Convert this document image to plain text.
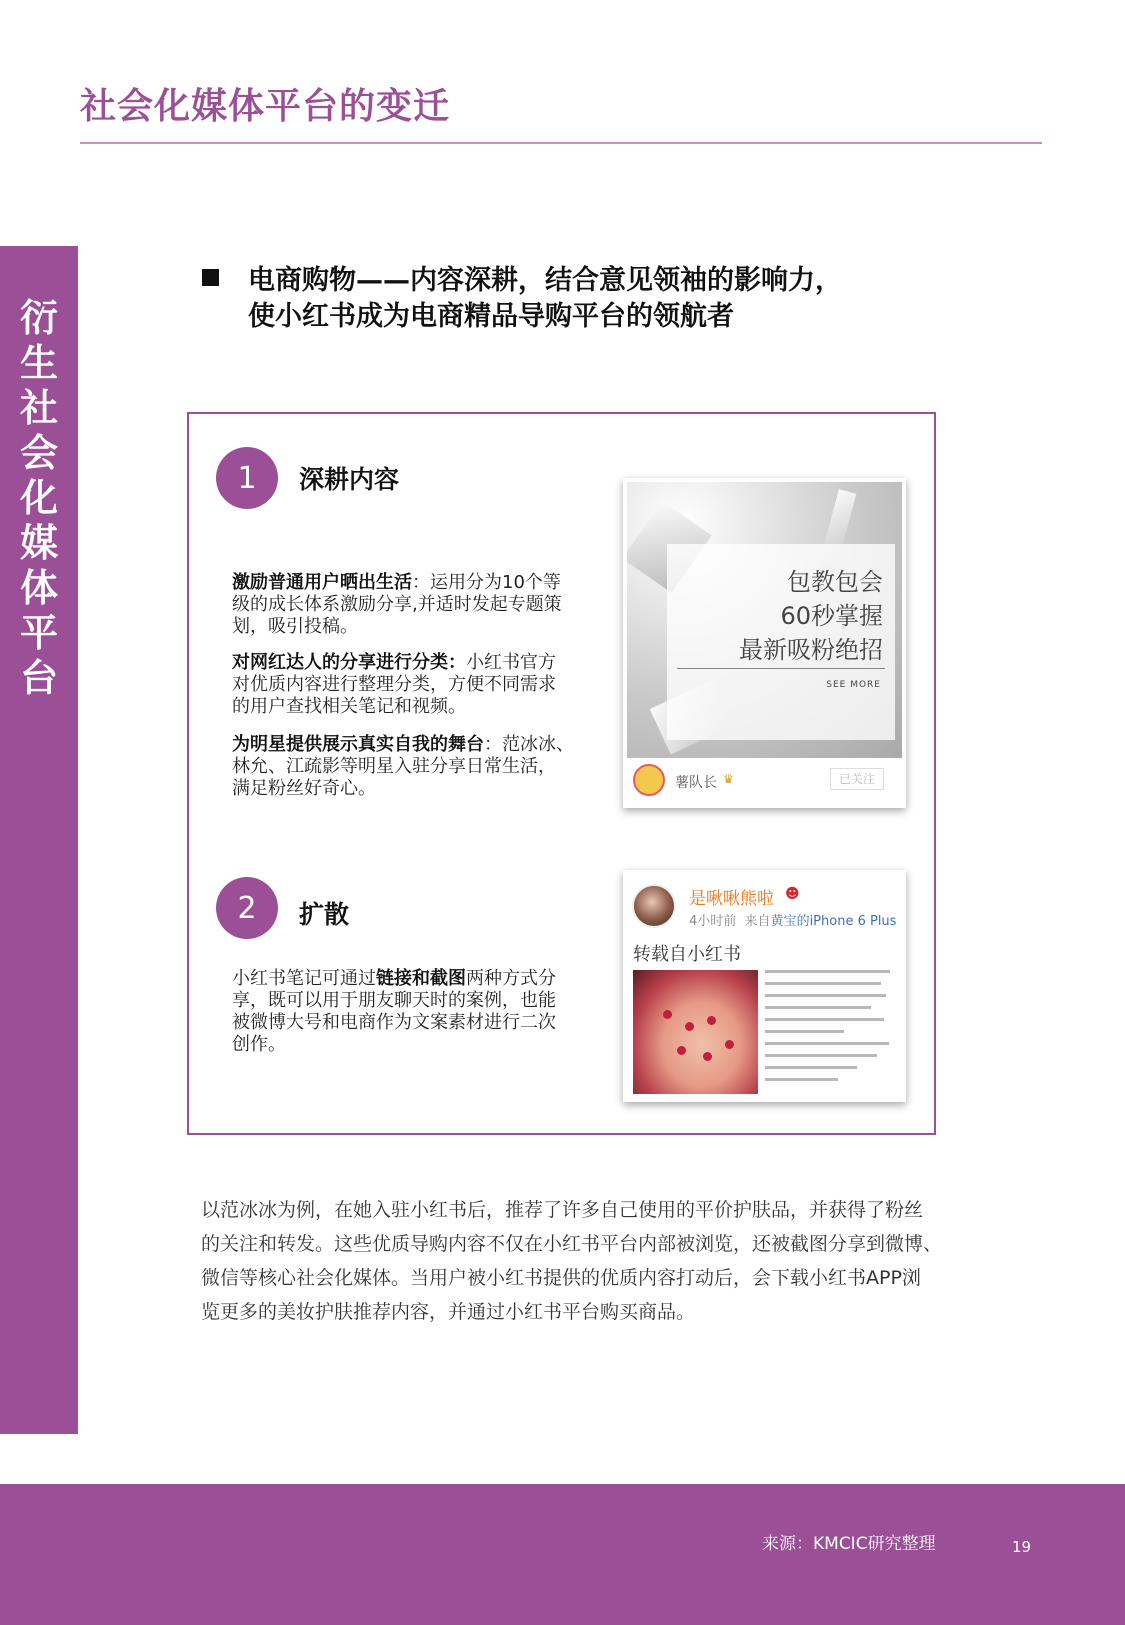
社会化媒体平台的变迁
衍
生
社
会
化
媒
体
平
台
电商购物——内容深耕，结合意见领袖的影响力，
使小红书成为电商精品导购平台的领航者
1	深耕内容
激励普通用户晒出生活：运用分为10个等
级的成长体系激励分享,并适时发起专题策
划，吸引投稿。
对网红达人的分享进行分类：小红书官方
对优质内容进行整理分类，方便不同需求
的用户查找相关笔记和视频。
为明星提供展示真实自我的舞台：范冰冰、
林允、江疏影等明星入驻分享日常生活，
满足粉丝好奇心。
包教包会
60秒掌握
最新吸粉绝招
SEE MORE
薯队长 ♛	已关注
2	扩散
小红书笔记可通过链接和截图两种方式分
享，既可以用于朋友聊天时的案例，也能
被微博大号和电商作为文案素材进行二次
创作。
是啾啾熊啦 ☻
4小时前 来自黄宝的iPhone 6 Plus
转载自小红书
以范冰冰为例，在她入驻小红书后，推荐了许多自己使用的平价护肤品，并获得了粉丝
的关注和转发。这些优质导购内容不仅在小红书平台内部被浏览，还被截图分享到微博、
微信等核心社会化媒体。当用户被小红书提供的优质内容打动后，会下载小红书APP浏
览更多的美妆护肤推荐内容，并通过小红书平台购买商品。
来源：KMCIC研究整理	19
